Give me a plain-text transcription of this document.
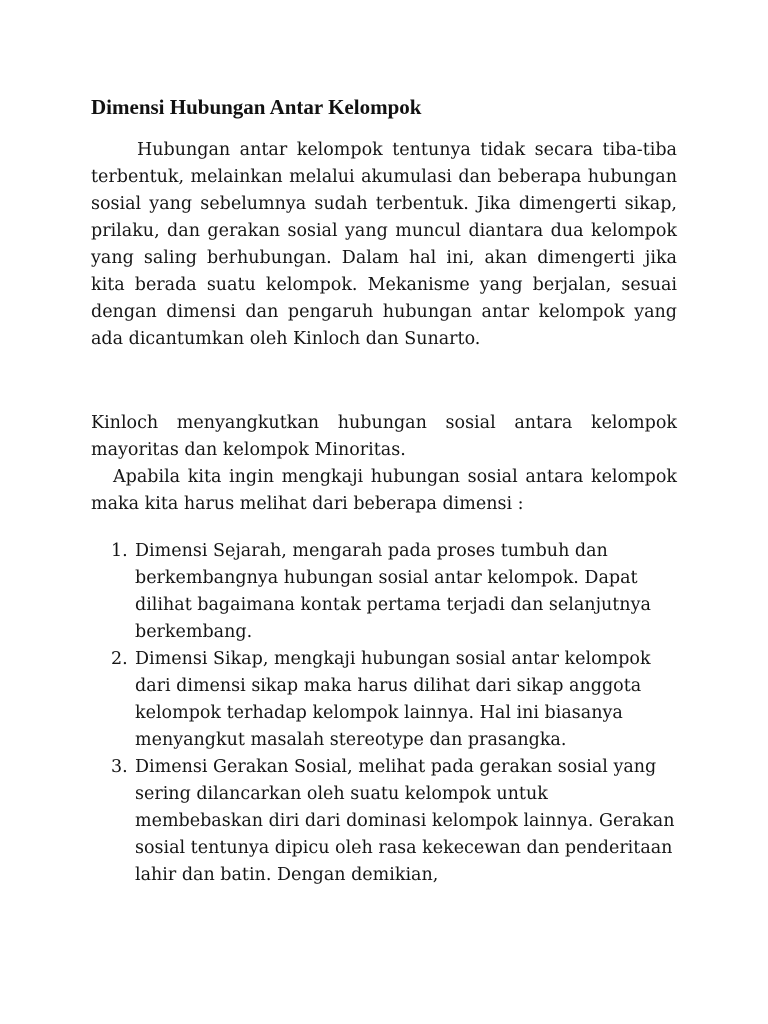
Dimensi Hubungan Antar Kelompok

Hubungan antar kelompok tentunya tidak secara tiba-tiba terbentuk, melainkan melalui akumulasi dan beberapa hubungan sosial yang sebelumnya sudah terbentuk. Jika dimengerti sikap, prilaku, dan gerakan sosial yang muncul diantara dua kelompok yang saling berhubungan. Dalam hal ini, akan dimengerti jika kita berada suatu kelompok. Mekanisme yang berjalan, sesuai dengan dimensi dan pengaruh hubungan antar kelompok yang ada dicantumkan oleh Kinloch dan Sunarto.

Kinloch menyangkutkan hubungan sosial antara kelompok mayoritas dan kelompok Minoritas.

Apabila kita ingin mengkaji hubungan sosial antara kelompok maka kita harus melihat dari beberapa dimensi :

1. Dimensi Sejarah, mengarah pada proses tumbuh dan berkembangnya hubungan sosial antar kelompok. Dapat dilihat bagaimana kontak pertama terjadi dan selanjutnya berkembang.
2. Dimensi Sikap, mengkaji hubungan sosial antar kelompok dari dimensi sikap maka harus dilihat dari sikap anggota kelompok terhadap kelompok lainnya. Hal ini biasanya menyangkut masalah stereotype dan prasangka.
3. Dimensi Gerakan Sosial, melihat pada gerakan sosial yang sering dilancarkan oleh suatu kelompok untuk membebaskan diri dari dominasi kelompok lainnya. Gerakan sosial tentunya dipicu oleh rasa kekecewan dan penderitaan lahir dan batin. Dengan demikian,
